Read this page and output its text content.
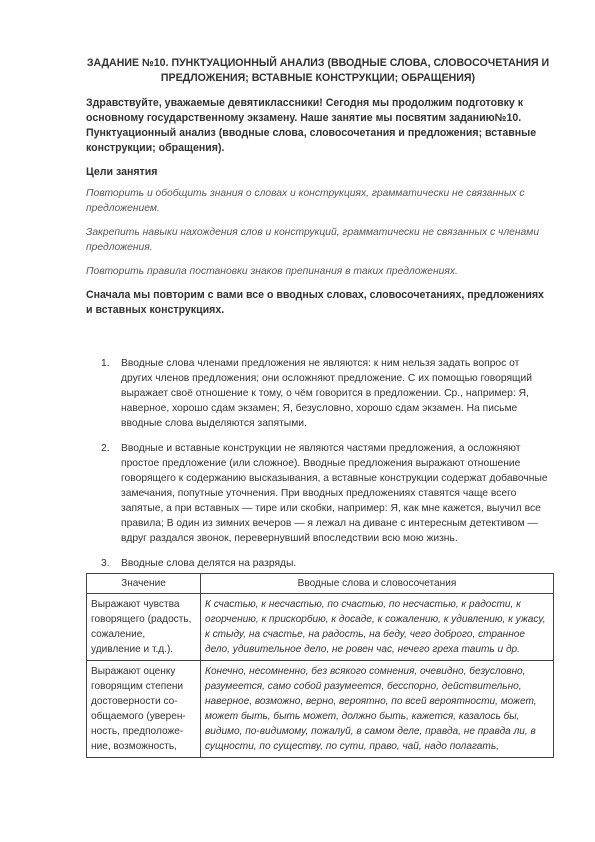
ЗАДАНИЕ №10. ПУНКТУАЦИОННЫЙ АНАЛИЗ (ВВОДНЫЕ СЛОВА, СЛОВОСОЧЕТАНИЯ И ПРЕДЛОЖЕНИЯ; ВСТАВНЫЕ КОНСТРУКЦИИ; ОБРАЩЕНИЯ)
Здравствуйте, уважаемые девятиклассники! Сегодня мы продолжим подготовку к основному государственному экзамену. Наше занятие мы посвятим заданию№10. Пунктуационный анализ (вводные слова, словосочетания и предложения; вставные конструкции; обращения).
Цели занятия
Повторить и обобщить знания о словах и конструкциях, грамматически не связанных с предложением.
Закрепить навыки нахождения слов и конструкций, грамматически не связанных с членами предложения.
Повторить правила постановки знаков препинания в таких предложениях.
Сначала мы повторим с вами все о вводных словах, словосочетаниях, предложениях и вставных конструкциях.
1. Вводные слова членами предложения не являются: к ним нельзя задать вопрос от других членов предложения; они осложняют предложение. С их помощью говорящий выражает своё отношение к тому, о чём говорится в предложении. Ср., например: Я, наверное, хорошо сдам экзамен; Я, безусловно, хорошо сдам экзамен. На письме вводные слова выделяются запятыми.
2. Вводные и вставные конструкции не являются частями предложения, а осложняют простое предложение (или сложное). Вводные предложения выражают отношение говорящего к содержанию высказывания, а вставные конструкции содержат добавочные замечания, попутные уточнения. При вводных предложениях ставятся чаще всего запятые, а при вставных — тире или скобки, например: Я, как мне кажется, выучил все правила; В один из зимних вечеров — я лежал на диване с интересным детективом — вдруг раздался звонок, перевернувший впоследствии всю мою жизнь.
3. Вводные слова делятся на разряды.
Значение	Вводные слова и словосочетания
Выражают чувства говорящего (радость, сожаление, удивление и т.д.).	К счастью, к несчастью, по счастью, по несчастью, к радости, к огорчению, к прискорбию, к досаде, к сожалению, к удивлению, к ужасу, к стыду, на счастье, на радость, на беду, чего доброго, странное дело, удивительное дело, не ровен час, нечего греха таить и др.
Выражают оценку говорящим степени достоверности со-общаемого (уверен-ность, предположе-ние, возможность,	Конечно, несомненно, без всякого сомнения, очевидно, безусловно, разумеется, само собой разумеется, бесспорно, действительно, наверное, возможно, верно, вероятно, по всей вероятности, может, может быть, быть может, должно быть, кажется, казалось бы, видимо, по-видимому, пожалуй, в самом деле, правда, не правда ли, в сущности, по существу, по сути, право, чай, надо полагать,
